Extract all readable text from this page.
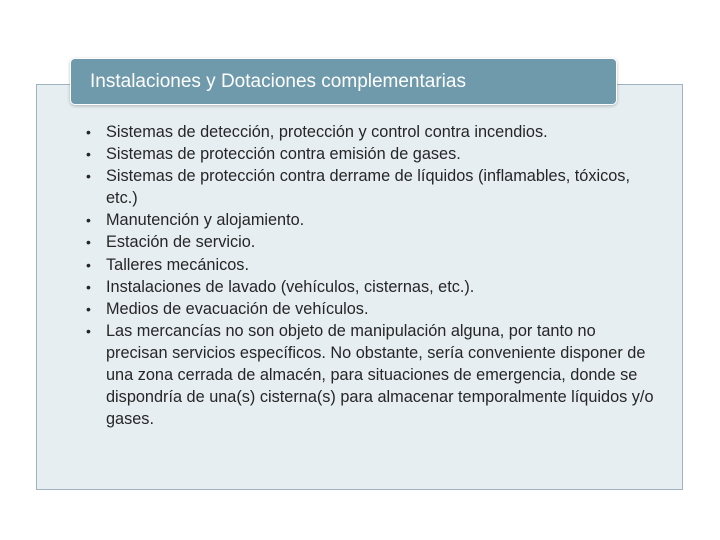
Instalaciones y Dotaciones complementarias
• Sistemas de detección, protección y control contra incendios.
• Sistemas de protección contra emisión de gases.
• Sistemas de protección contra derrame de líquidos (inflamables, tóxicos, etc.)
• Manutención y alojamiento.
• Estación de servicio.
• Talleres mecánicos.
• Instalaciones de lavado (vehículos, cisternas, etc.).
• Medios de evacuación de vehículos.
• Las mercancías no son objeto de manipulación alguna, por tanto no precisan servicios específicos. No obstante, sería conveniente disponer de una zona cerrada de almacén, para situaciones de emergencia, donde se dispondría de una(s) cisterna(s) para almacenar temporalmente líquidos y/o gases.
